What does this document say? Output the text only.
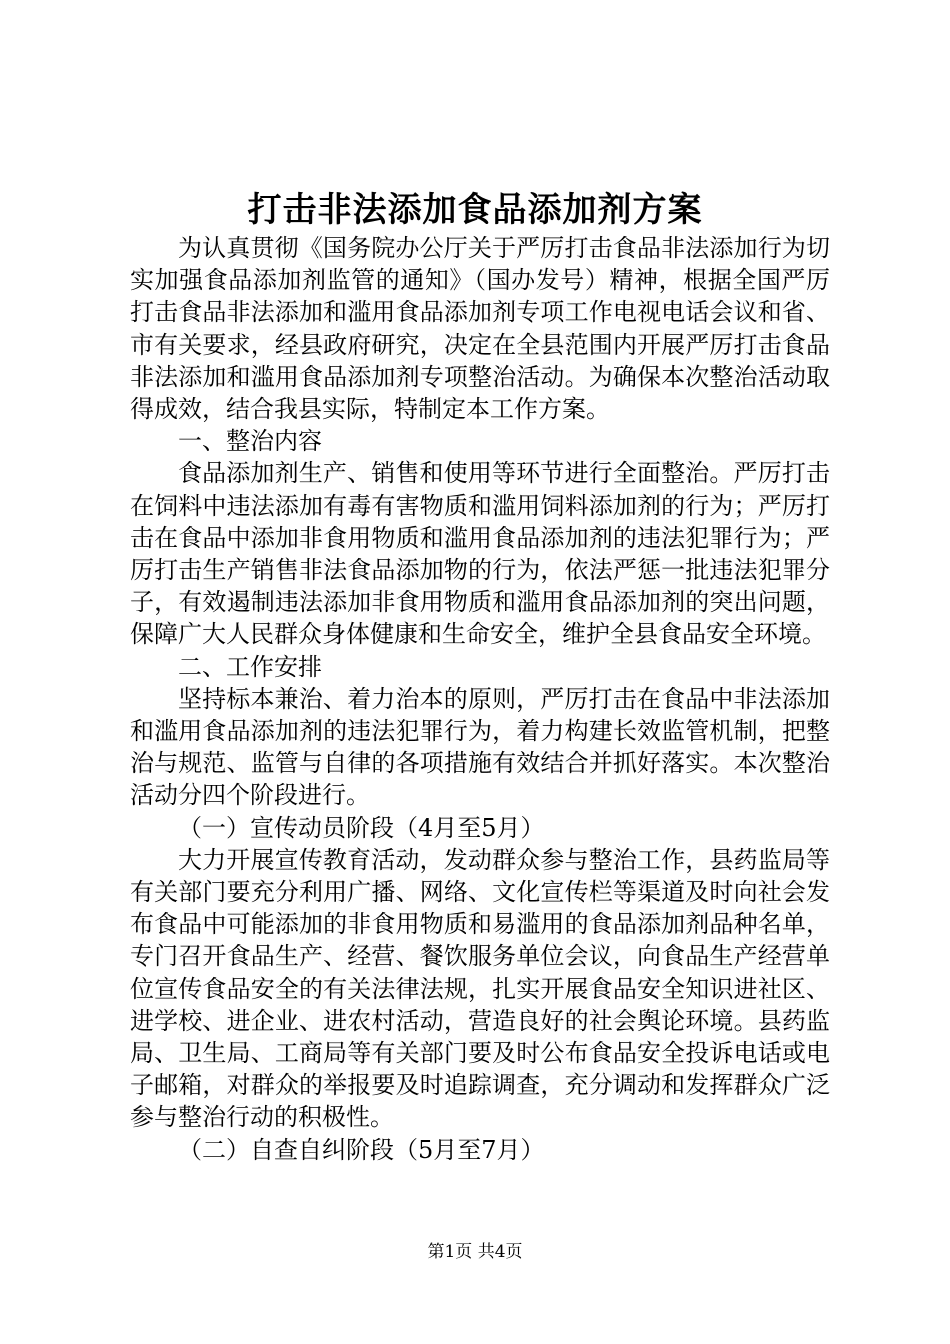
打击非法添加食品添加剂方案

为认真贯彻《国务院办公厅关于严厉打击食品非法添加行为切实加强食品添加剂监管的通知》（国办发号）精神，根据全国严厉打击食品非法添加和滥用食品添加剂专项工作电视电话会议和省、市有关要求，经县政府研究，决定在全县范围内开展严厉打击食品非法添加和滥用食品添加剂专项整治活动。为确保本次整治活动取得成效，结合我县实际，特制定本工作方案。

一、整治内容

食品添加剂生产、销售和使用等环节进行全面整治。严厉打击在饲料中违法添加有毒有害物质和滥用饲料添加剂的行为；严厉打击在食品中添加非食用物质和滥用食品添加剂的违法犯罪行为；严厉打击生产销售非法食品添加物的行为，依法严惩一批违法犯罪分子，有效遏制违法添加非食用物质和滥用食品添加剂的突出问题，保障广大人民群众身体健康和生命安全，维护全县食品安全环境。

二、工作安排

坚持标本兼治、着力治本的原则，严厉打击在食品中非法添加和滥用食品添加剂的违法犯罪行为，着力构建长效监管机制，把整治与规范、监管与自律的各项措施有效结合并抓好落实。本次整治活动分四个阶段进行。

（一）宣传动员阶段（4月至5月）

大力开展宣传教育活动，发动群众参与整治工作，县药监局等有关部门要充分利用广播、网络、文化宣传栏等渠道及时向社会发布食品中可能添加的非食用物质和易滥用的食品添加剂品种名单，专门召开食品生产、经营、餐饮服务单位会议，向食品生产经营单位宣传食品安全的有关法律法规，扎实开展食品安全知识进社区、进学校、进企业、进农村活动，营造良好的社会舆论环境。县药监局、卫生局、工商局等有关部门要及时公布食品安全投诉电话或电子邮箱，对群众的举报要及时追踪调查，充分调动和发挥群众广泛参与整治行动的积极性。

（二）自查自纠阶段（5月至7月）

第1页 共4页
